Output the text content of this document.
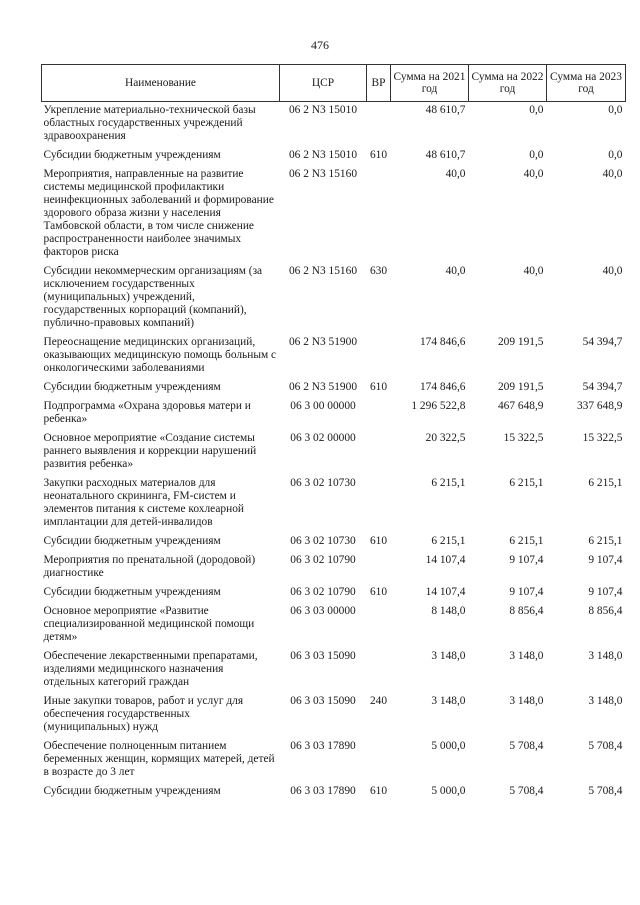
476
Наименование	ЦСР	ВР	Сумма на 2021 год	Сумма на 2022 год	Сумма на 2023 год
Укрепление материально-технической базы областных государственных учреждений здравоохранения	06 2 N3 15010		48 610,7	0,0	0,0
Субсидии бюджетным учреждениям	06 2 N3 15010	610	48 610,7	0,0	0,0
Мероприятия, направленные на развитие системы медицинской профилактики неинфекционных заболеваний и формирование здорового образа жизни у населения Тамбовской области, в том числе снижение распространенности наиболее значимых факторов риска	06 2 N3 15160		40,0	40,0	40,0
Субсидии некоммерческим организациям (за исключением государственных (муниципальных) учреждений, государственных корпораций (компаний), публично-правовых компаний)	06 2 N3 15160	630	40,0	40,0	40,0
Переоснащение медицинских организаций, оказывающих медицинскую помощь больным с онкологическими заболеваниями	06 2 N3 51900		174 846,6	209 191,5	54 394,7
Субсидии бюджетным учреждениям	06 2 N3 51900	610	174 846,6	209 191,5	54 394,7
Подпрограмма «Охрана здоровья матери и ребенка»	06 3 00 00000		1 296 522,8	467 648,9	337 648,9
Основное мероприятие «Создание системы раннего выявления и коррекции нарушений развития ребенка»	06 3 02 00000		20 322,5	15 322,5	15 322,5
Закупки расходных материалов для неонатального скрининга, FM-систем и элементов питания к системе кохлеарной имплантации для детей-инвалидов	06 3 02 10730		6 215,1	6 215,1	6 215,1
Субсидии бюджетным учреждениям	06 3 02 10730	610	6 215,1	6 215,1	6 215,1
Мероприятия по пренатальной (дородовой) диагностике	06 3 02 10790		14 107,4	9 107,4	9 107,4
Субсидии бюджетным учреждениям	06 3 02 10790	610	14 107,4	9 107,4	9 107,4
Основное мероприятие «Развитие специализированной медицинской помощи детям»	06 3 03 00000		8 148,0	8 856,4	8 856,4
Обеспечение лекарственными препаратами, изделиями медицинского назначения отдельных категорий граждан	06 3 03 15090		3 148,0	3 148,0	3 148,0
Иные закупки товаров, работ и услуг для обеспечения государственных (муниципальных) нужд	06 3 03 15090	240	3 148,0	3 148,0	3 148,0
Обеспечение полноценным питанием беременных женщин, кормящих матерей, детей в возрасте до 3 лет	06 3 03 17890		5 000,0	5 708,4	5 708,4
Субсидии бюджетным учреждениям	06 3 03 17890	610	5 000,0	5 708,4	5 708,4
